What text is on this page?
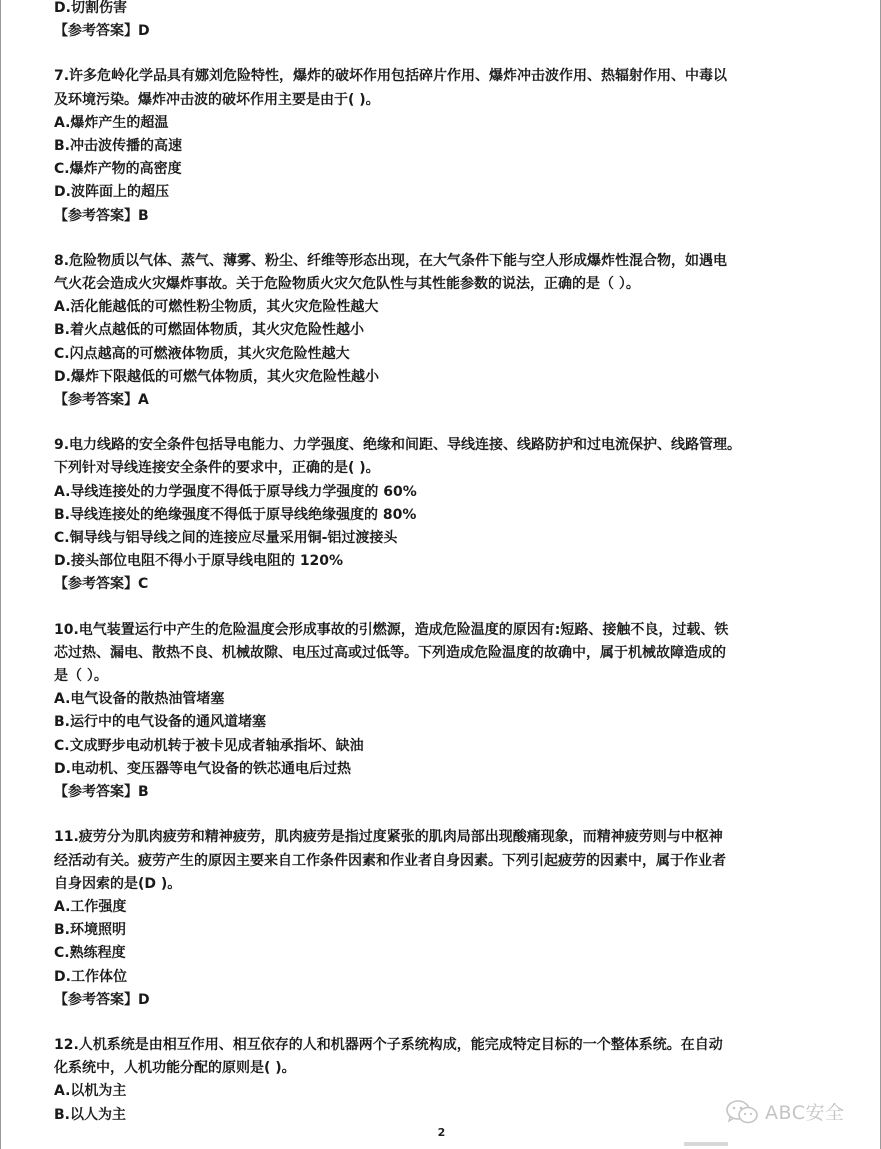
D.切割伤害
【参考答案】D
7.许多危岭化学品具有娜刘危险特性，爆炸的破坏作用包括碎片作用、爆炸冲击波作用、热辐射作用、中毒以
及环境污染。爆炸冲击波的破坏作用主要是由于( )。
A.爆炸产生的超温
B.冲击波传播的高速
C.爆炸产物的高密度
D.波阵面上的超压
【参考答案】B
8.危险物质以气体、蒸气、薄雾、粉尘、纤维等形态出现，在大气条件下能与空人形成爆炸性混合物，如遇电
气火花会造成火灾爆炸事故。关于危险物质火灾欠危队性与其性能参数的说法，正确的是（ ）。
A.活化能越低的可燃性粉尘物质，其火灾危险性越大
B.着火点越低的可燃固体物质，其火灾危险性越小
C.闪点越高的可燃液体物质，其火灾危险性越大
D.爆炸下限越低的可燃气体物质，其火灾危险性越小
【参考答案】A
9.电力线路的安全条件包括导电能力、力学强度、绝缘和间距、导线连接、线路防护和过电流保护、线路管理。
下列针对导线连接安全条件的要求中，正确的是( )。
A.导线连接处的力学强度不得低于原导线力学强度的 60%
B.导线连接处的绝缘强度不得低于原导线绝缘强度的 80%
C.铜导线与铝导线之间的连接应尽量采用铜-铝过渡接头
D.接头部位电阻不得小于原导线电阻的 120%
【参考答案】C
10.电气装置运行中产生的危险温度会形成事故的引燃源，造成危险温度的原因有:短路、接触不良，过载、铁
芯过热、漏电、散热不良、机械故隙、电压过高或过低等。下列造成危险温度的故确中，属于机械故障造成的
是（ ）。
A.电气设备的散热油管堵塞
B.运行中的电气设备的通风道堵塞
C.文成野步电动机转于被卡见成者轴承指坏、缺油
D.电动机、变压器等电气设备的铁芯通电后过热
【参考答案】B
11.疲劳分为肌肉疲劳和精神疲劳，肌肉疲劳是指过度紧张的肌肉局部出现酸痛现象，而精神疲劳则与中枢神
经活动有关。疲劳产生的原因主要来自工作条件因素和作业者自身因素。下列引起疲劳的因素中，属于作业者
自身因索的是(D )。
A.工作强度
B.环境照明
C.熟练程度
D.工作体位
【参考答案】D
12.人机系统是由相互作用、相互依存的人和机器两个子系统构成，能完成特定目标的一个整体系统。在自动
化系统中，人机功能分配的原则是( )。
A.以机为主
B.以人为主
2
ABC安全
